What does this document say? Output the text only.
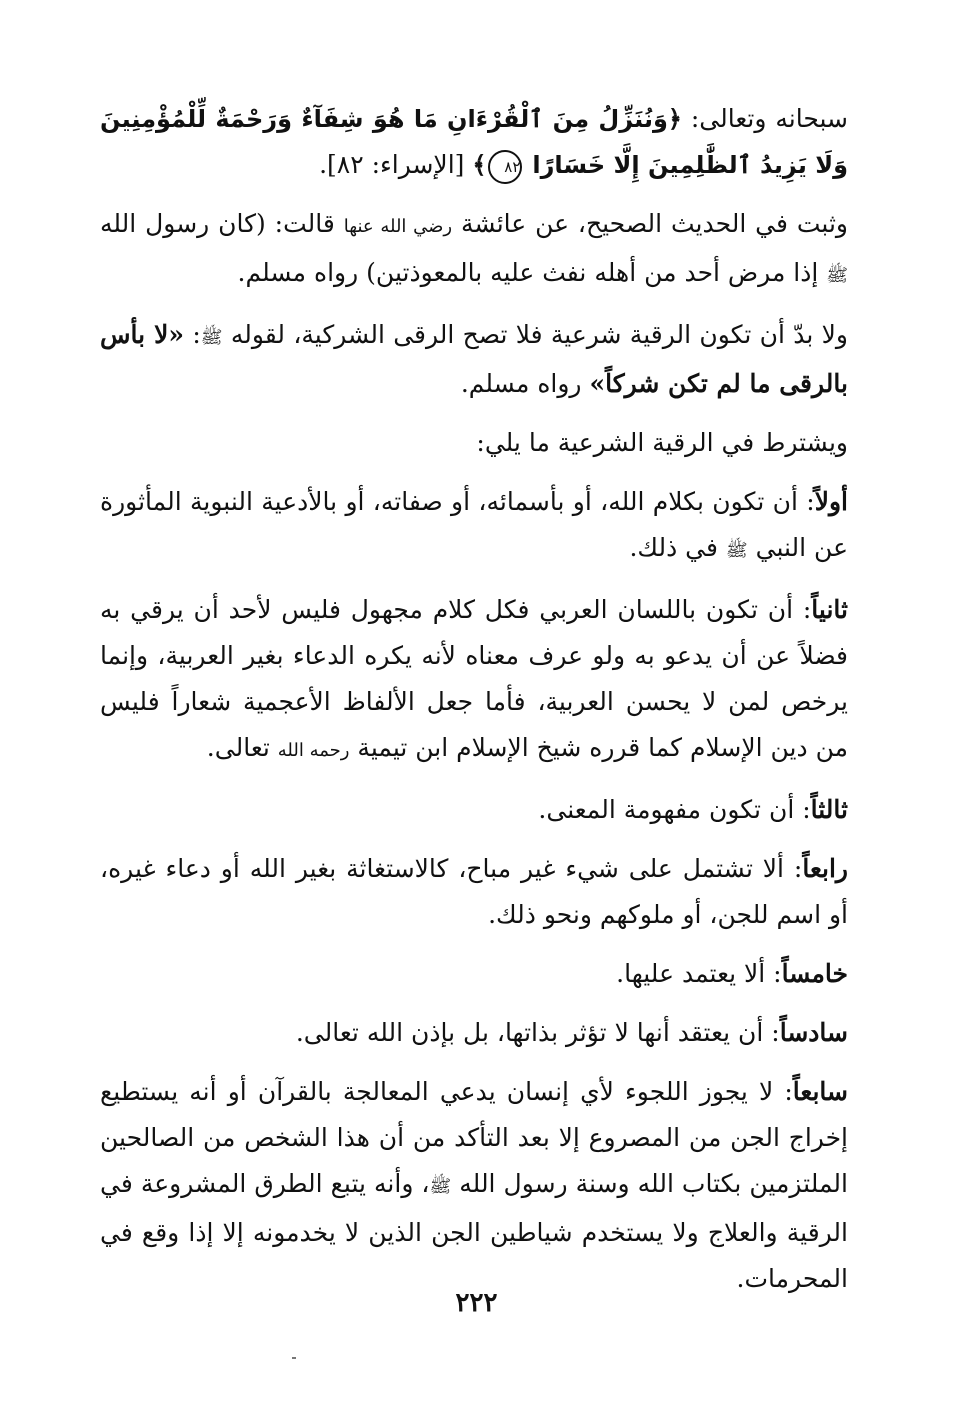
سبحانه وتعالى: ﴿وَنُنَزِّلُ مِنَ ٱلْقُرْءَانِ مَا هُوَ شِفَآءٌ وَرَحْمَةٌ لِّلْمُؤْمِنِينَ وَلَا يَزِيدُ ٱلظَّٰلِمِينَ إِلَّا خَسَارًا ٨٢﴾ [الإسراء: ٨٢].

وثبت في الحديث الصحيح، عن عائشة رضي الله عنها قالت: (كان رسول الله ﷺ إذا مرض أحد من أهله نفث عليه بالمعوذتين) رواه مسلم.

ولا بدّ أن تكون الرقية شرعية فلا تصح الرقى الشركية، لقوله ﷺ: «لا بأس بالرقى ما لم تكن شركاً» رواه مسلم.

ويشترط في الرقية الشرعية ما يلي:

أولاً: أن تكون بكلام الله، أو بأسمائه، أو صفاته، أو بالأدعية النبوية المأثورة عن النبي ﷺ في ذلك.

ثانياً: أن تكون باللسان العربي فكل كلام مجهول فليس لأحد أن يرقي به فضلاً عن أن يدعو به ولو عرف معناه لأنه يكره الدعاء بغير العربية، وإنما يرخص لمن لا يحسن العربية، فأما جعل الألفاظ الأعجمية شعاراً فليس من دين الإسلام كما قرره شيخ الإسلام ابن تيمية رحمه الله تعالى.

ثالثاً: أن تكون مفهومة المعنى.

رابعاً: ألا تشتمل على شيء غير مباح، كالاستغاثة بغير الله أو دعاء غيره، أو اسم للجن، أو ملوكهم ونحو ذلك.

خامساً: ألا يعتمد عليها.

سادساً: أن يعتقد أنها لا تؤثر بذاتها، بل بإذن الله تعالى.

سابعاً: لا يجوز اللجوء لأي إنسان يدعي المعالجة بالقرآن أو أنه يستطيع إخراج الجن من المصروع إلا بعد التأكد من أن هذا الشخص من الصالحين الملتزمين بكتاب الله وسنة رسول الله ﷺ، وأنه يتبع الطرق المشروعة في الرقية والعلاج ولا يستخدم شياطين الجن الذين لا يخدمونه إلا إذا وقع في المحرمات.

٢٢٢
